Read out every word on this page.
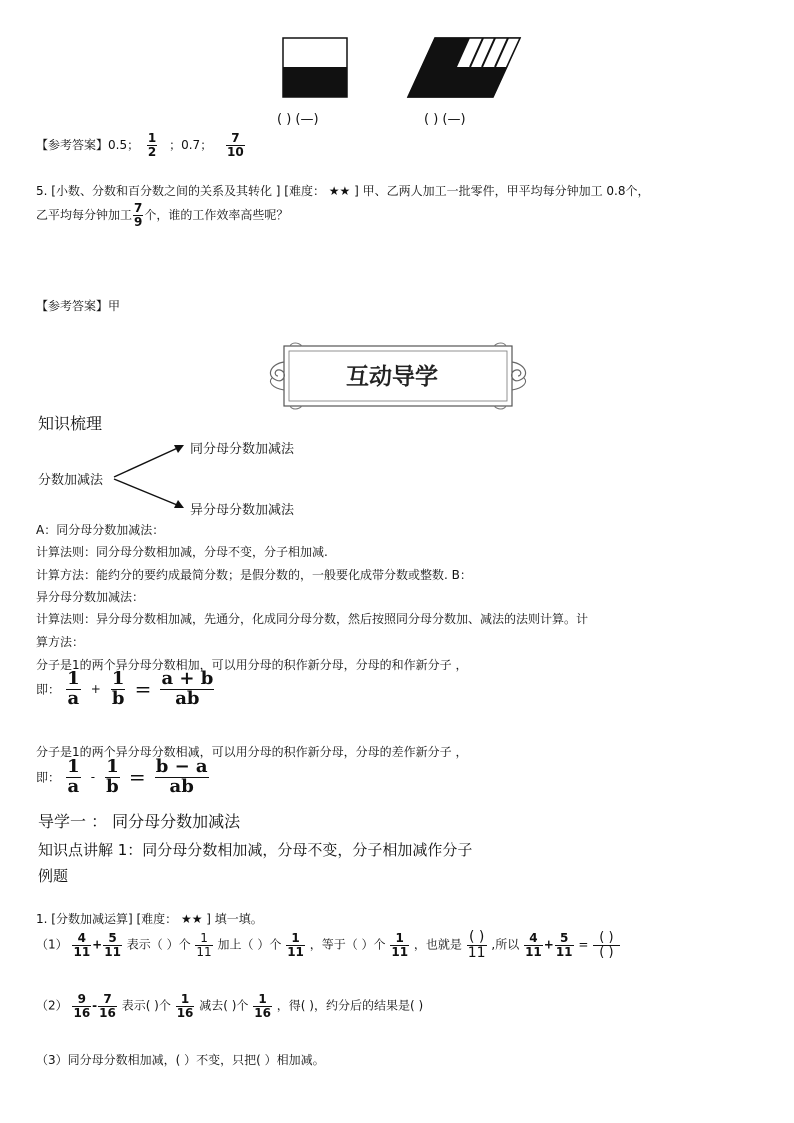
( ) (—)	( ) (—)
【参考答案】0.5； $\frac{1}{2}$ ；0.7； $\frac{7}{10}$
5. [小数、分数和百分数之间的关系及其转化 ] [难度： ★★ ] 甲、乙两人加工一批零件，甲平均每分钟加工 0.8个，
乙平均每分钟加工 $\frac{7}{9}$ 个，谁的工作效率高些呢？
【参考答案】甲
互动导学
知识梳理
分数加减法
同分母分数加减法
异分母分数加减法
A：同分母分数加减法：
计算法则：同分母分数相加减，分母不变，分子相加减.
计算方法：能约分的要约成最简分数；是假分数的，一般要化成带分数或整数. B：
异分母分数加减法：
计算法则：异分母分数相加减，先通分，化成同分母分数，然后按照同分母分数加、减法的法则计算。计
算方法：
分子是1的两个异分母分数相加，可以用分母的积作新分母，分母的和作新分子 ，
即： $\frac{1}{a} + \frac{1}{b} = \frac{a + b}{ab}$
分子是1的两个异分母分数相减，可以用分母的积作新分母，分母的差作新分子 ，
即： $\frac{1}{a} - \frac{1}{b} = \frac{b - a}{ab}$
导学一 ： 同分母分数加减法
知识点讲解 1：同分母分数相加减，分母不变，分子相加减作分子
例题
1. [分数加减运算] [难度： ★★ ] 填一填。
$(1) \frac{4}{11} + \frac{5}{11}$ 表示（ ）个 $\frac{1}{11}$ 加上（ ）个 $\frac{1}{11}$ ，等于（ ）个 $\frac{1}{11}$ ，也就是 $\frac{( )}{11}$ ,所以 $\frac{4}{11} + \frac{5}{11} = \frac{( )}{( )}$
$(2) \frac{9}{16} - \frac{7}{16}$ 表示( )个 $\frac{1}{16}$ 减去( )个 $\frac{1}{16}$ ，得( )，约分后的结果是( )
（3）同分母分数相加减，( ）不变，只把( ）相加减。
